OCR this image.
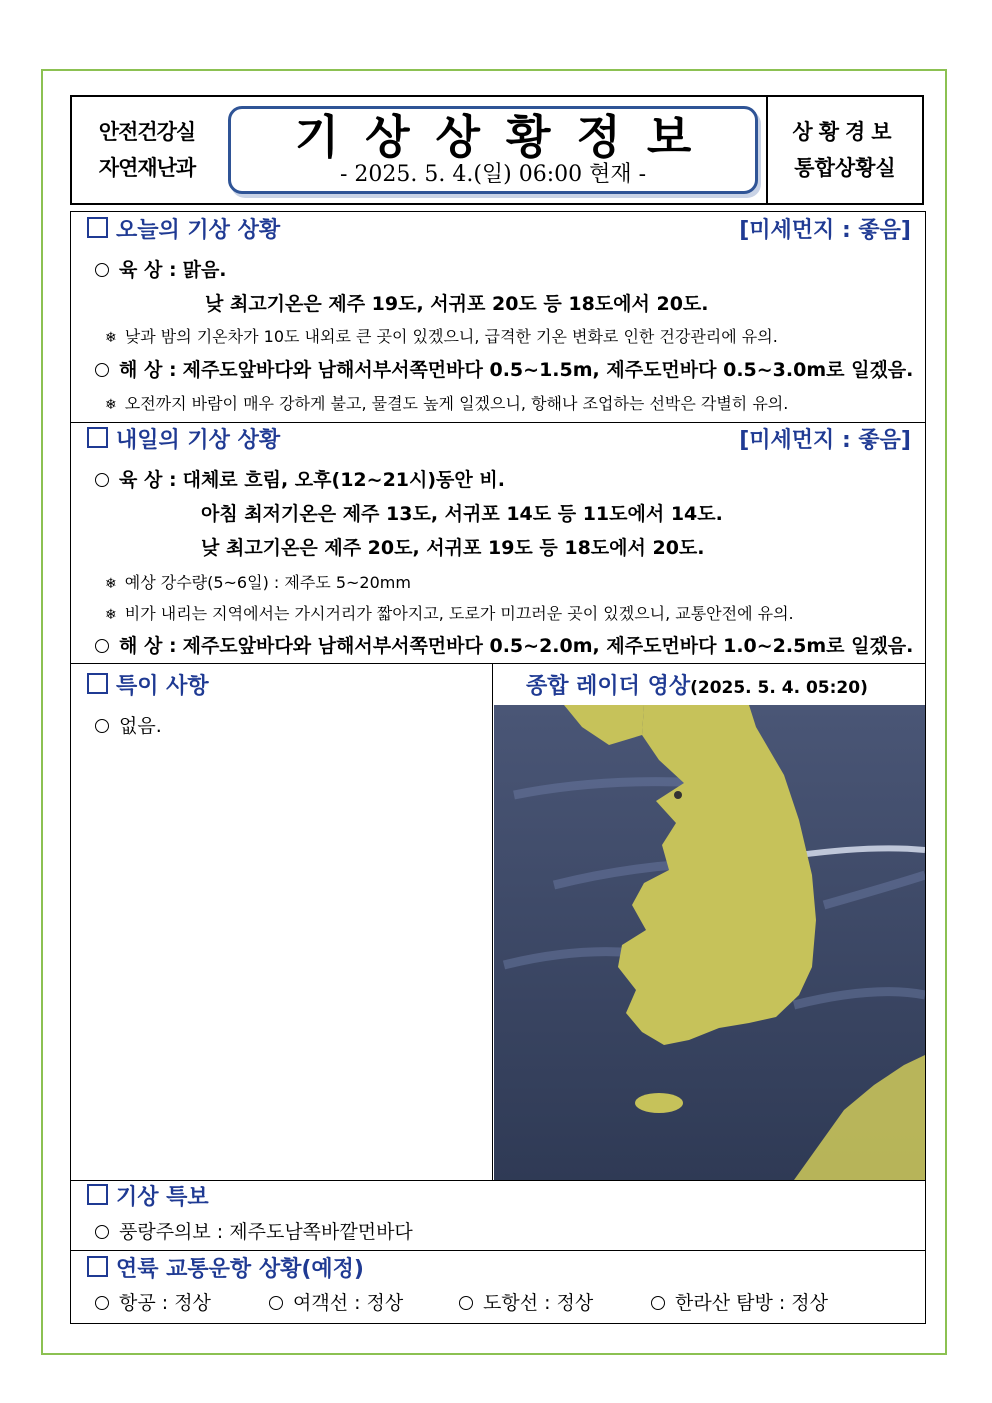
안전건강실
자연재난과
기상상황정보
- 2025. 5. 4.(일) 06:00 현재 -
상황경보
통합상황실
오늘의 기상 상황	[미세먼지 : 좋음]
육 상 : 맑음.
낮 최고기온은 제주 19도, 서귀포 20도 등 18도에서 20도.
❄ 낮과 밤의 기온차가 10도 내외로 큰 곳이 있겠으니, 급격한 기온 변화로 인한 건강관리에 유의.
해 상 : 제주도앞바다와 남해서부서쪽먼바다 0.5~1.5m, 제주도먼바다 0.5~3.0m로 일겠음.
❄ 오전까지 바람이 매우 강하게 불고, 물결도 높게 일겠으니, 항해나 조업하는 선박은 각별히 유의.
내일의 기상 상황	[미세먼지 : 좋음]
육 상 : 대체로 흐림, 오후(12~21시)동안 비.
아침 최저기온은 제주 13도, 서귀포 14도 등 11도에서 14도.
낮 최고기온은 제주 20도, 서귀포 19도 등 18도에서 20도.
❄ 예상 강수량(5~6일) : 제주도 5~20mm
❄ 비가 내리는 지역에서는 가시거리가 짧아지고, 도로가 미끄러운 곳이 있겠으니, 교통안전에 유의.
해 상 : 제주도앞바다와 남해서부서쪽먼바다 0.5~2.0m, 제주도먼바다 1.0~2.5m로 일겠음.
특이 사항
없음.
종합 레이더 영상(2025. 5. 4. 05:20)
기상 특보
풍랑주의보 : 제주도남쪽바깥먼바다
연륙 교통운항 상황(예정)
항공 : 정상	여객선 : 정상	도항선 : 정상	한라산 탐방 : 정상
